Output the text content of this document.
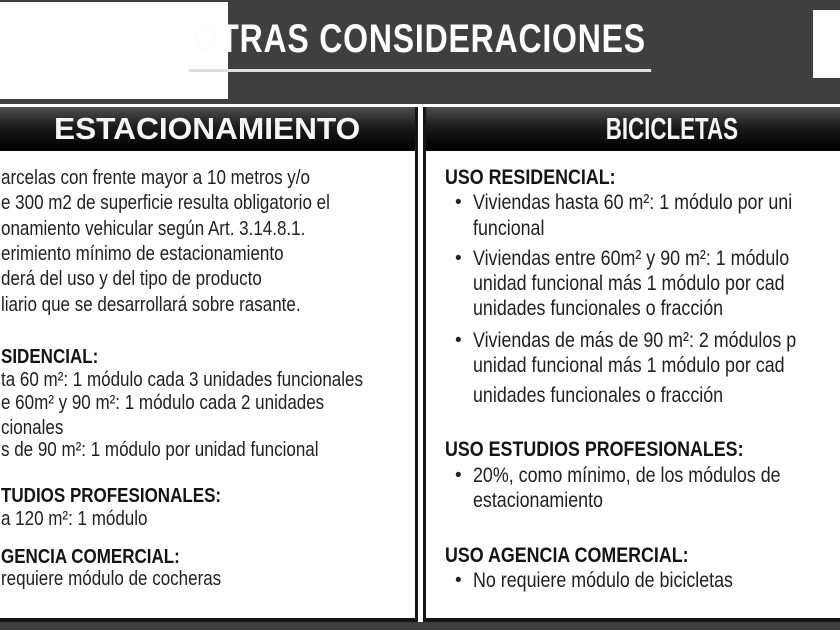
OTRAS CONSIDERACIONES
ESTACIONAMIENTO
arcelas con frente mayor a 10 metros y/o
e 300 m2 de superficie resulta obligatorio el
onamiento vehicular según Art. 3.14.8.1.
erimiento mínimo de estacionamiento
derá del uso y del tipo de producto
liario que se desarrollará sobre rasante.
SIDENCIAL:
ta 60 m²: 1 módulo cada 3 unidades funcionales
e 60m² y 90 m²: 1 módulo cada 2 unidades
cionales
s de 90 m²: 1 módulo por unidad funcional
TUDIOS PROFESIONALES:
a 120 m²: 1 módulo
GENCIA COMERCIAL:
requiere módulo de cocheras
BICICLETAS
USO RESIDENCIAL:
• Viviendas hasta 60 m²: 1 módulo por uni
funcional
• Viviendas entre 60m² y 90 m²: 1 módulo
unidad funcional más 1 módulo por cad
unidades funcionales o fracción
• Viviendas de más de 90 m²: 2 módulos p
unidad funcional más 1 módulo por cad
unidades funcionales o fracción
USO ESTUDIOS PROFESIONALES:
• 20%, como mínimo, de los módulos de
estacionamiento
USO AGENCIA COMERCIAL:
• No requiere módulo de bicicletas
